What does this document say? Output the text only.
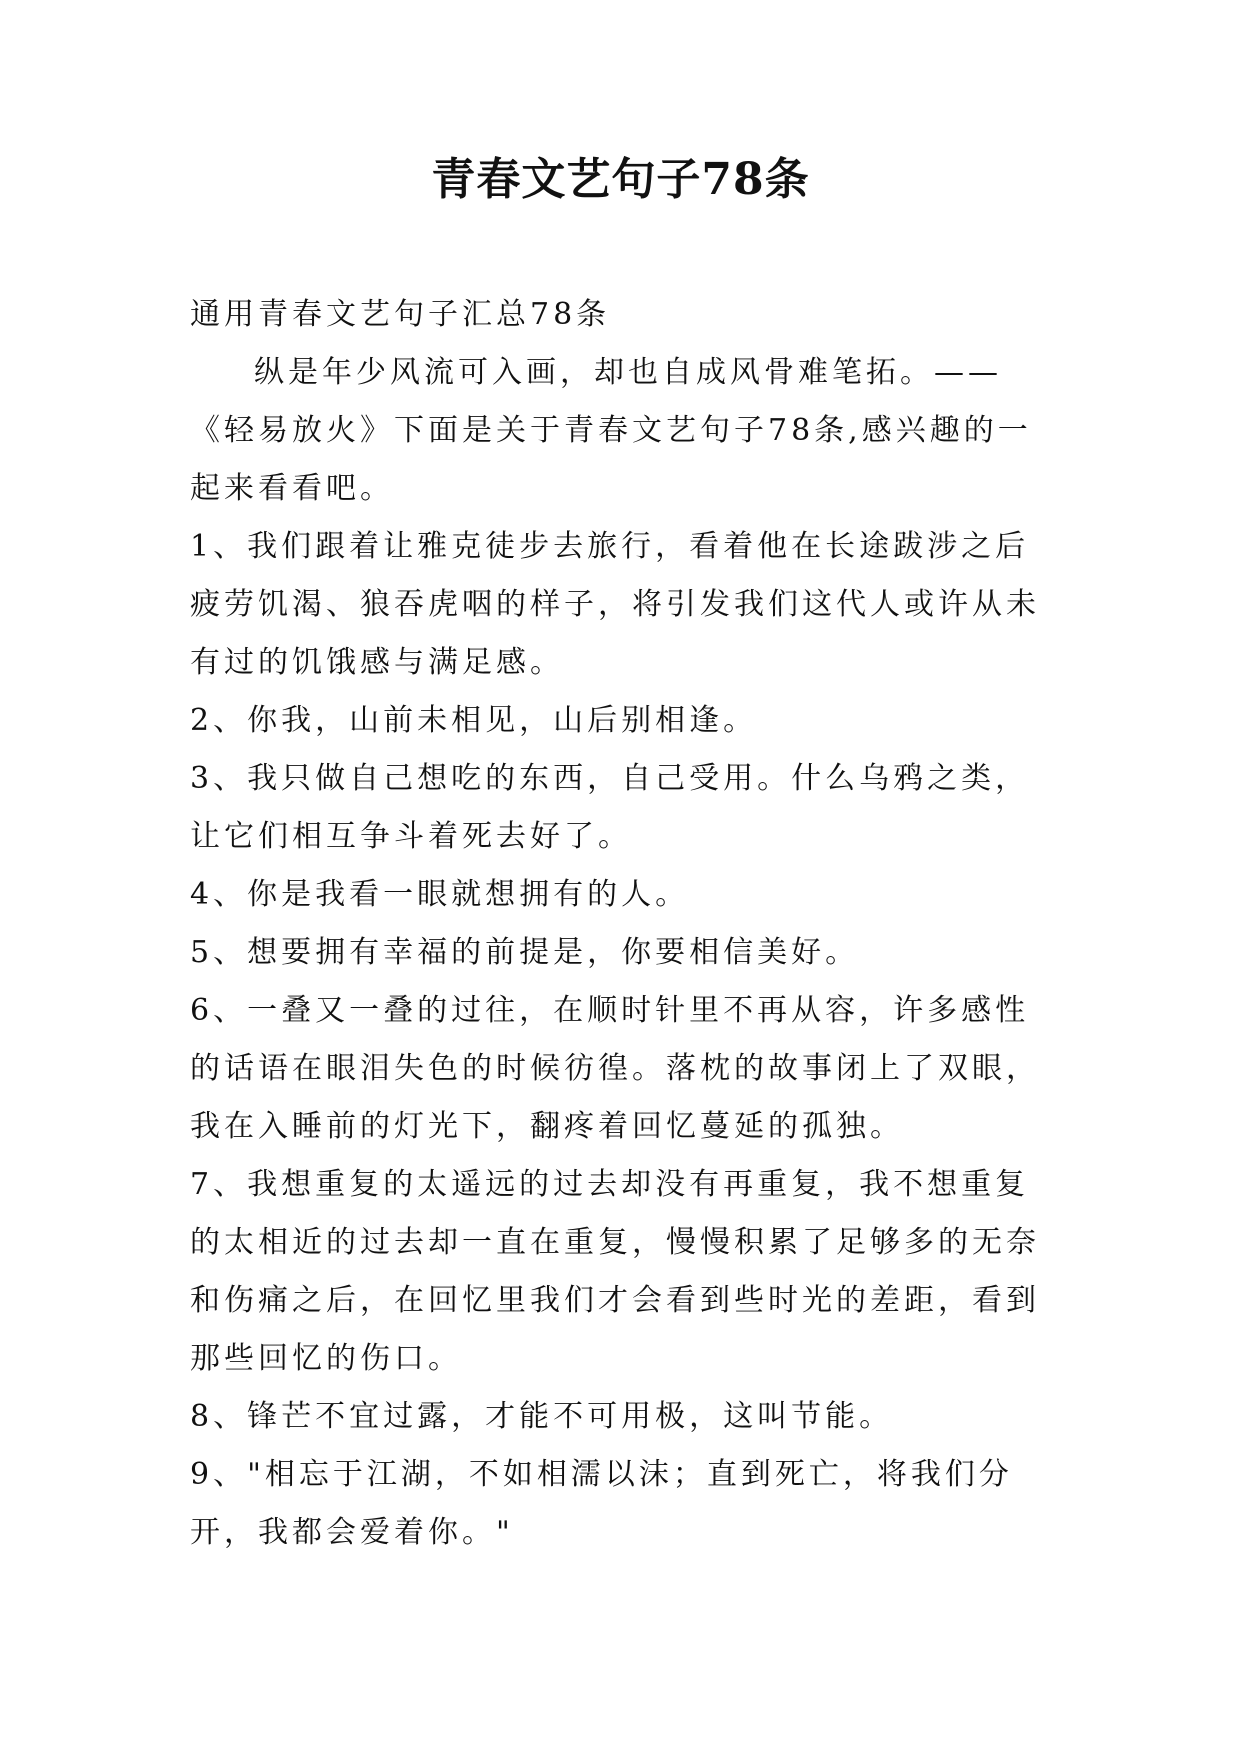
青春文艺句子78条

通用青春文艺句子汇总78条

纵是年少风流可入画，却也自成风骨难笔拓。——《轻易放火》下面是关于青春文艺句子78条,感兴趣的一起来看看吧。

1、我们跟着让雅克徒步去旅行，看着他在长途跋涉之后疲劳饥渴、狼吞虎咽的样子，将引发我们这代人或许从未有过的饥饿感与满足感。

2、你我，山前未相见，山后别相逢。

3、我只做自己想吃的东西，自己受用。什么乌鸦之类，让它们相互争斗着死去好了。

4、你是我看一眼就想拥有的人。

5、想要拥有幸福的前提是，你要相信美好。

6、一叠又一叠的过往，在顺时针里不再从容，许多感性的话语在眼泪失色的时候彷徨。落枕的故事闭上了双眼，我在入睡前的灯光下，翻疼着回忆蔓延的孤独。

7、我想重复的太遥远的过去却没有再重复，我不想重复的太相近的过去却一直在重复，慢慢积累了足够多的无奈和伤痛之后，在回忆里我们才会看到些时光的差距，看到那些回忆的伤口。

8、锋芒不宜过露，才能不可用极，这叫节能。

9、"相忘于江湖，不如相濡以沫；直到死亡，将我们分开，我都会爱着你。"
